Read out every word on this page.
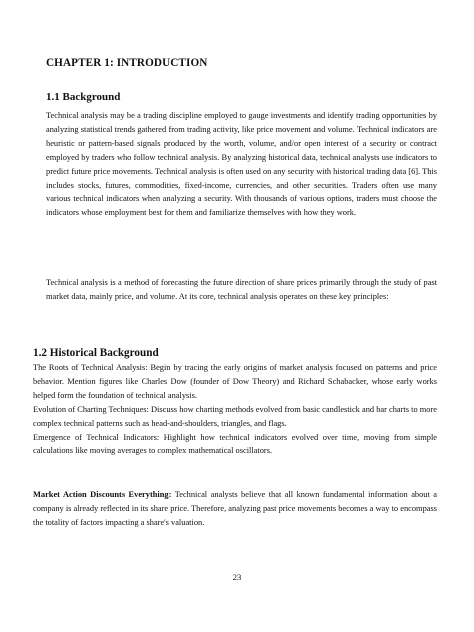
CHAPTER 1: INTRODUCTION
1.1 Background
Technical analysis may be a trading discipline employed to gauge investments and identify trading opportunities by analyzing statistical trends gathered from trading activity, like price movement and volume. Technical indicators are heuristic or pattern-based signals produced by the worth, volume, and/or open interest of a security or contract employed by traders who follow technical analysis. By analyzing historical data, technical analysts use indicators to predict future price movements. Technical analysis is often used on any security with historical trading data [6]. This includes stocks, futures, commodities, fixed-income, currencies, and other securities. Traders often use many various technical indicators when analyzing a security. With thousands of various options, traders must choose the indicators whose employment best for them and familiarize themselves with how they work.
Technical analysis is a method of forecasting the future direction of share prices primarily through the study of past market data, mainly price, and volume. At its core, technical analysis operates on these key principles:
1.2 Historical Background
The Roots of Technical Analysis: Begin by tracing the early origins of market analysis focused on patterns and price behavior. Mention figures like Charles Dow (founder of Dow Theory) and Richard Schabacker, whose early works helped form the foundation of technical analysis.
Evolution of Charting Techniques: Discuss how charting methods evolved from basic candlestick and bar charts to more complex technical patterns such as head-and-shoulders, triangles, and flags.
Emergence of Technical Indicators: Highlight how technical indicators evolved over time, moving from simple calculations like moving averages to complex mathematical oscillators.
Market Action Discounts Everything: Technical analysts believe that all known fundamental information about a company is already reflected in its share price. Therefore, analyzing past price movements becomes a way to encompass the totality of factors impacting a share's valuation.
23
